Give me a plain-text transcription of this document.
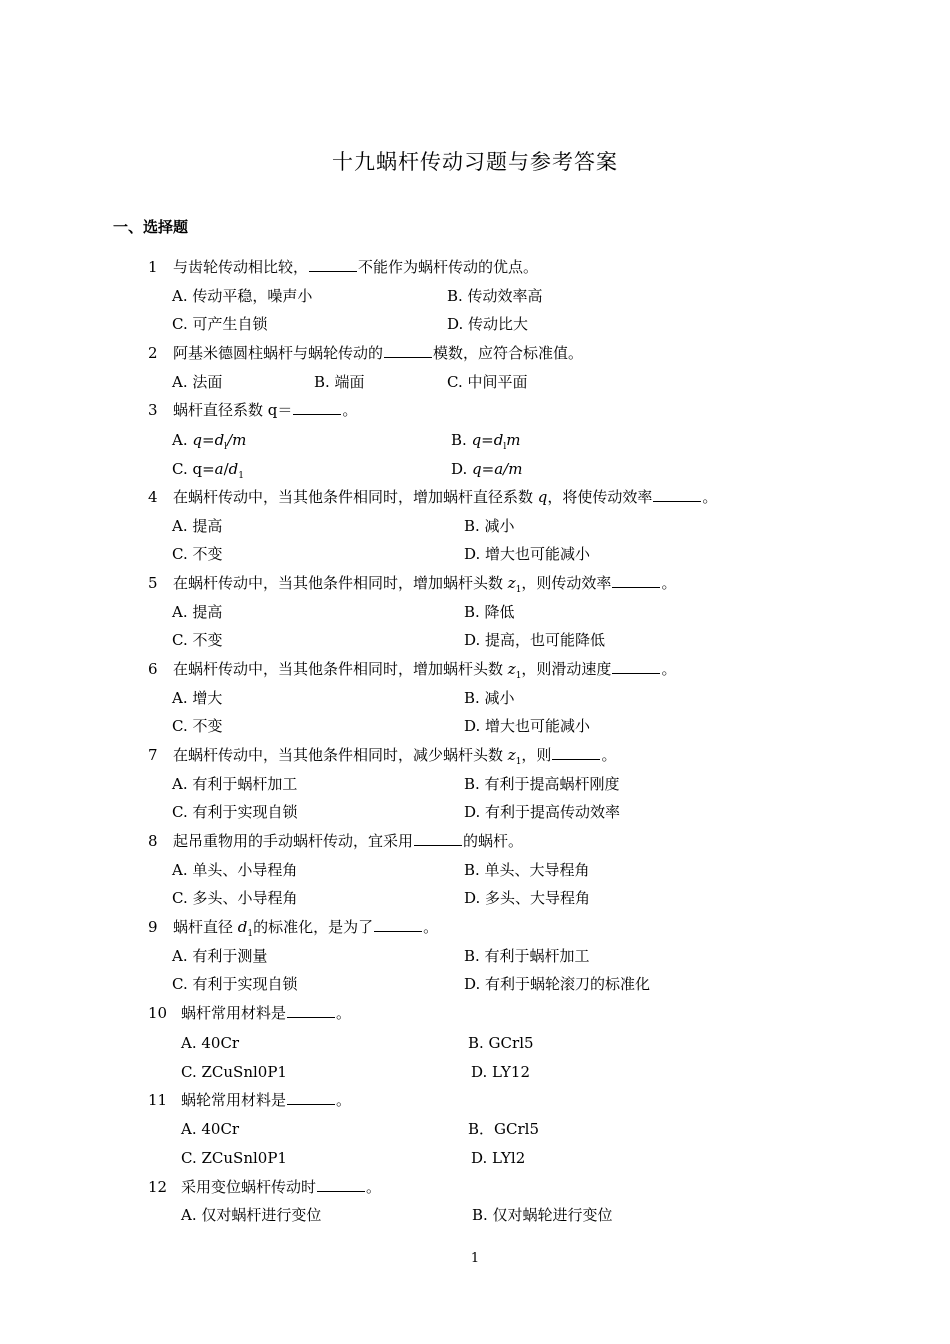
十九蜗杆传动习题与参考答案
一、选择题
1 与齿轮传动相比较，	不能作为蜗杆传动的优点。
A. 传动平稳，噪声小	B. 传动效率高
C. 可产生自锁	D. 传动比大
2 阿基米德圆柱蜗杆与蜗轮传动的	模数，应符合标准值。
A. 法面	B. 端面	C. 中间平面
3 蜗杆直径系数 q＝	。
A. $q=d_l/m$	B. $q=d_lm$
C. $q=a/d_1$	D. q=a/m
4 在蜗杆传动中，当其他条件相同时，增加蜗杆直径系数 q，将使传动效率	。
A. 提高	B. 减小
C. 不变	D. 增大也可能减小
5 在蜗杆传动中，当其他条件相同时，增加蜗杆头数 $z_1$，则传动效率	。
A. 提高	B. 降低
C. 不变	D. 提高，也可能降低
6 在蜗杆传动中，当其他条件相同时，增加蜗杆头数 $z_1$，则滑动速度	。
A. 增大	B. 减小
C. 不变	D. 增大也可能减小
7 在蜗杆传动中，当其他条件相同时，减少蜗杆头数 $z_1$，则	。
A. 有利于蜗杆加工	B. 有利于提高蜗杆刚度
C. 有利于实现自锁	D. 有利于提高传动效率
8 起吊重物用的手动蜗杆传动，宜采用	的蜗杆。
A. 单头、小导程角	B. 单头、大导程角
C. 多头、小导程角	D. 多头、大导程角
9 蜗杆直径 $d_1$的标准化，是为了	。
A. 有利于测量	B. 有利于蜗杆加工
C. 有利于实现自锁	D. 有利于蜗轮滚刀的标准化
10 蜗杆常用材料是	。
A. 40Cr	B. GCrl5
C. ZCuSnl0P1	D. LY12
11 蜗轮常用材料是	。
A. 40Cr	B．GCrl5
C. ZCuSnl0P1	D. LYl2
12 采用变位蜗杆传动时	。
A. 仅对蜗杆进行变位	B. 仅对蜗轮进行变位
1
